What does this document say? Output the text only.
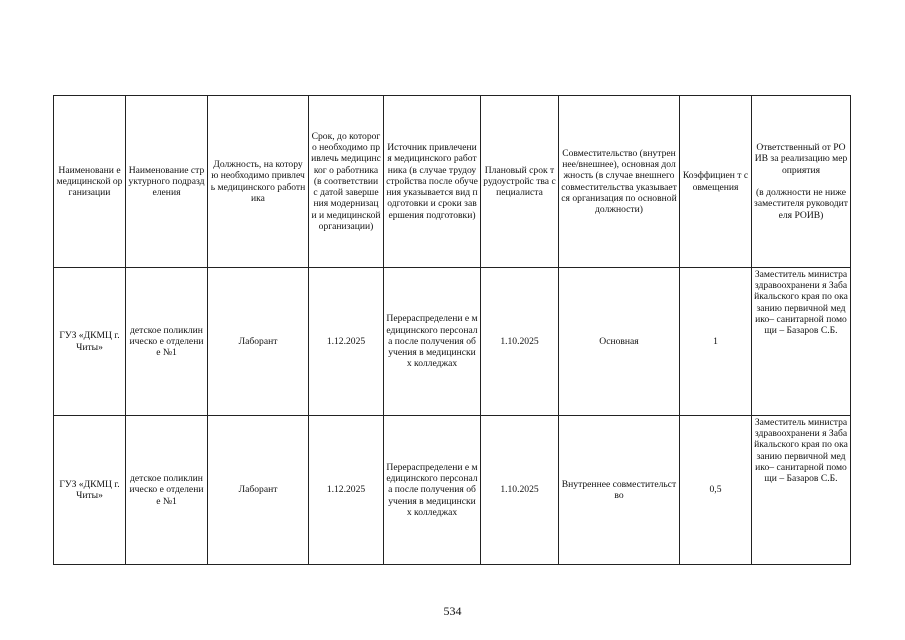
Наименовани е медицинской организации	Наименование структурного подразделения	Должность, на которую необходимо привлечь медицинского работника	Срок, до которого необходимо привлечь медицинског о работника (в соответствии с датой завершения модернизаци и медицинской организации)	Источник привлечения медицинского работника (в случае трудоустройства после обучения указывается вид подготовки и сроки завершения подготовки)	Плановый срок трудоустройс тва специалиста	Совместительство (внутреннее/внешнее), основная должность (в случае внешнего совместительства указывается организация по основной должности)	Коэффициен т совмещения	Ответственный от РОИВ за реализацию мероприятия

(в должности не ниже заместителя руководителя РОИВ)
ГУЗ «ДКМЦ г. Читы»	детское поликлиническо е отделение №1	Лаборант	1.12.2025	Перераспределени е медицинского персонала после получения обучения в медицинских колледжах	1.10.2025	Основная	1	Заместитель министра здравоохранени я Забайкальского края по оказанию первичной медико– санитарной помощи – Базаров С.Б.
ГУЗ «ДКМЦ г. Читы»	детское поликлиническо е отделение №1	Лаборант	1.12.2025	Перераспределени е медицинского персонала после получения обучения в медицинских колледжах	1.10.2025	Внутреннее совместительство	0,5	Заместитель министра здравоохранени я Забайкальского края по оказанию первичной медико– санитарной помощи – Базаров С.Б.
534
